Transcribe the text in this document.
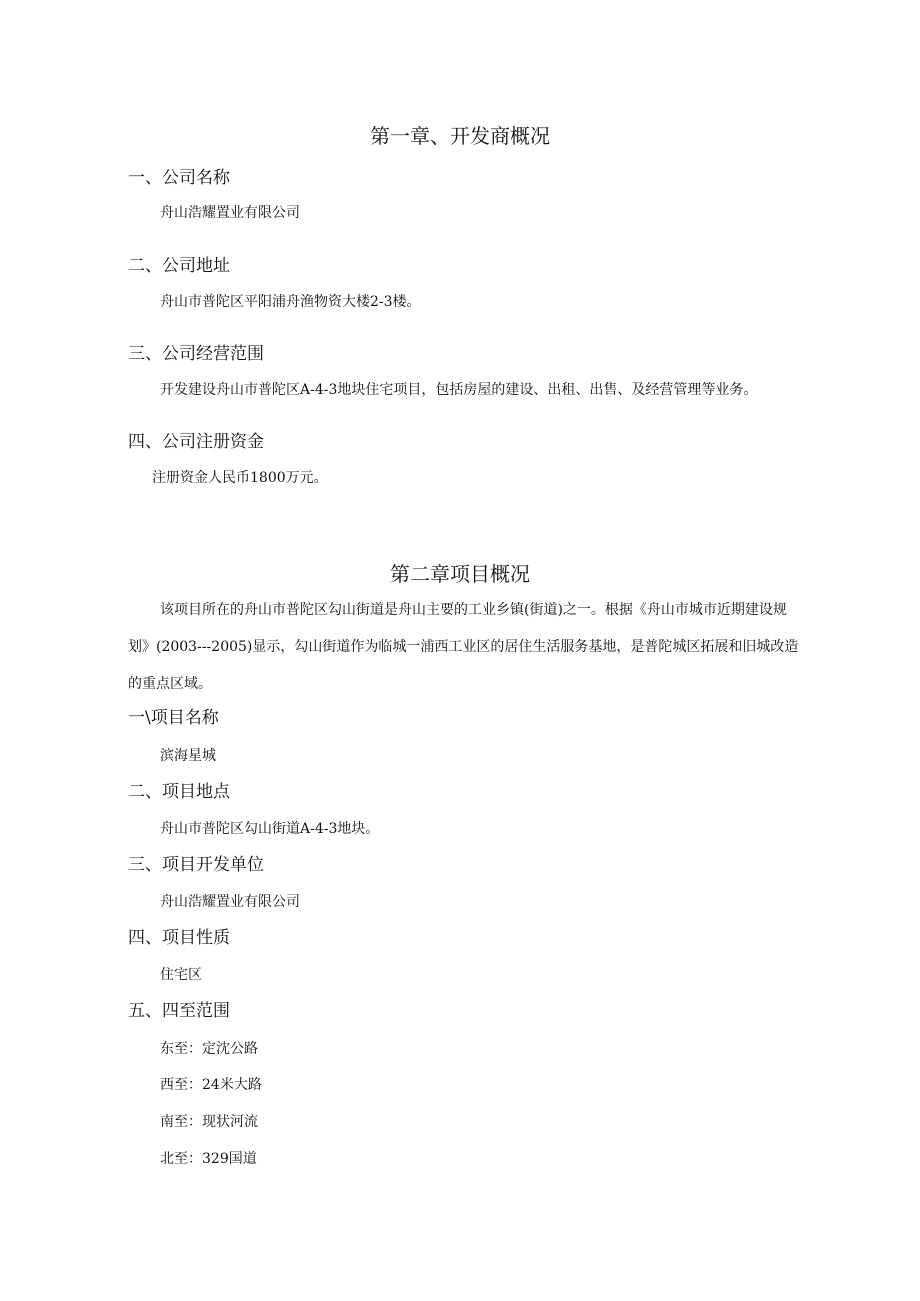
第一章、开发商概况
一、公司名称
舟山浩耀置业有限公司
二、公司地址
舟山市普陀区平阳浦舟渔物资大楼2-3楼。
三、公司经营范围
开发建设舟山市普陀区A-4-3地块住宅项目，包括房屋的建设、出租、出售、及经营管理等业务。
四、公司注册资金
注册资金人民币1800万元。
第二章项目概况
该项目所在的舟山市普陀区勾山街道是舟山主要的工业乡镇(街道)之一。根据《舟山市城市近期建设规划》(2003---2005)显示，勾山街道作为临城一浦西工业区的居住生活服务基地，是普陀城区拓展和旧城改造的重点区域。
一\项目名称
滨海星城
二、项目地点
舟山市普陀区勾山街道A-4-3地块。
三、项目开发单位
舟山浩耀置业有限公司
四、项目性质
住宅区
五、四至范围
东至：定沈公路
西至：24米大路
南至：现状河流
北至：329国道
